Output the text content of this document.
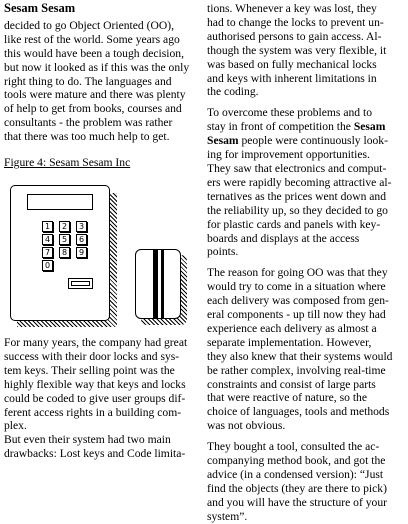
Sesam Sesam
decided to go Object Oriented (OO),
like rest of the world. Some years ago
this would have been a tough decision,
but now it looked as if this was the only
right thing to do. The languages and
tools were mature and there was plenty
of help to get from books, courses and
consultants - the problem was rather
that there was too much help to get.
Figure 4: Sesam Sesam Inc
1	2	3
4	5	6
7	8	9
0
For many years, the company had great
success with their door locks and sys-
tem keys. Their selling point was the
highly flexible way that keys and locks
could be coded to give user groups dif-
ferent access rights in a building com-
plex.
But even their system had two main
drawbacks: Lost keys and Code limita-
tions. Whenever a key was lost, they
had to change the locks to prevent un-
authorised persons to gain access. Al-
though the system was very flexible, it
was based on fully mechanical locks
and keys with inherent limitations in
the coding.
To overcome these problems and to
stay in front of competition the Sesam
Sesam people were continuously look-
ing for improvement opportunities.
They saw that electronics and comput-
ers were rapidly becoming attractive al-
ternatives as the prices went down and
the reliability up, so they decided to go
for plastic cards and panels with key-
boards and displays at the access
points.
The reason for going OO was that they
would try to come in a situation where
each delivery was composed from gen-
eral components - up till now they had
experience each delivery as almost a
separate implementation. However,
they also knew that their systems would
be rather complex, involving real-time
constraints and consist of large parts
that were reactive of nature, so the
choice of languages, tools and methods
was not obvious.
They bought a tool, consulted the ac-
companying method book, and got the
advice (in a condensed version): “Just
find the objects (they are there to pick)
and you will have the structure of your
system”.
